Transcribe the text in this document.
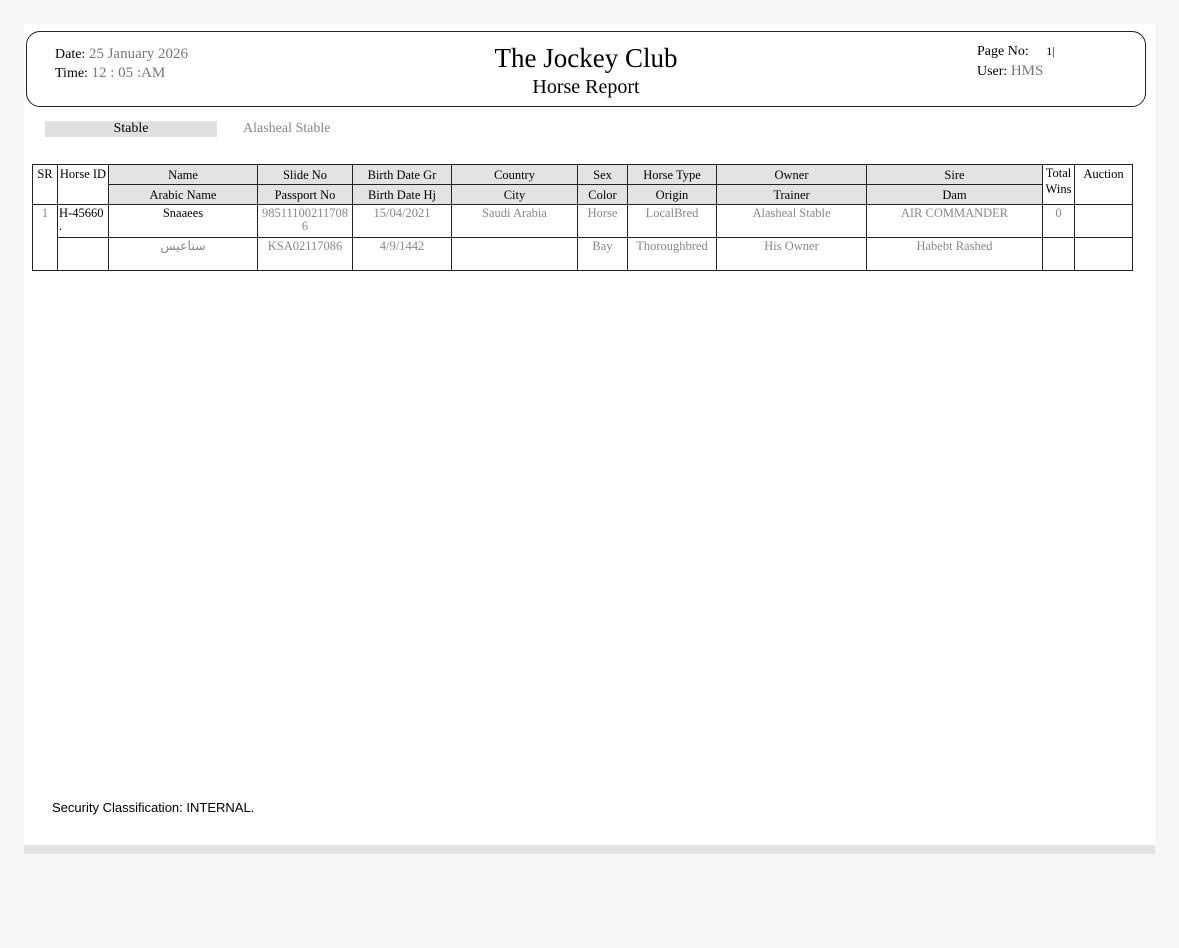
Date: 25 January 2026
Time: 12 : 05 :AM	The Jockey Club
Horse Report
Page No: 1|
User: HMS
Stable	Alasheal Stable
SR	Horse ID	Name	Slide No	Birth Date Gr	Country	Sex	Horse Type	Owner	Sire	Total Wins	Auction
		Arabic Name	Passport No	Birth Date Hj	City	Color	Origin	Trainer	Dam		
1	H-45660 .	Snaaees	985111002117086	15/04/2021	Saudi Arabia	Horse	LocalBred	Alasheal Stable	AIR COMMANDER	0	
		سناعيس	KSA02117086	4/9/1442		Bay	Thoroughbred	His Owner	Habebt Rashed		
Security Classification: INTERNAL.
